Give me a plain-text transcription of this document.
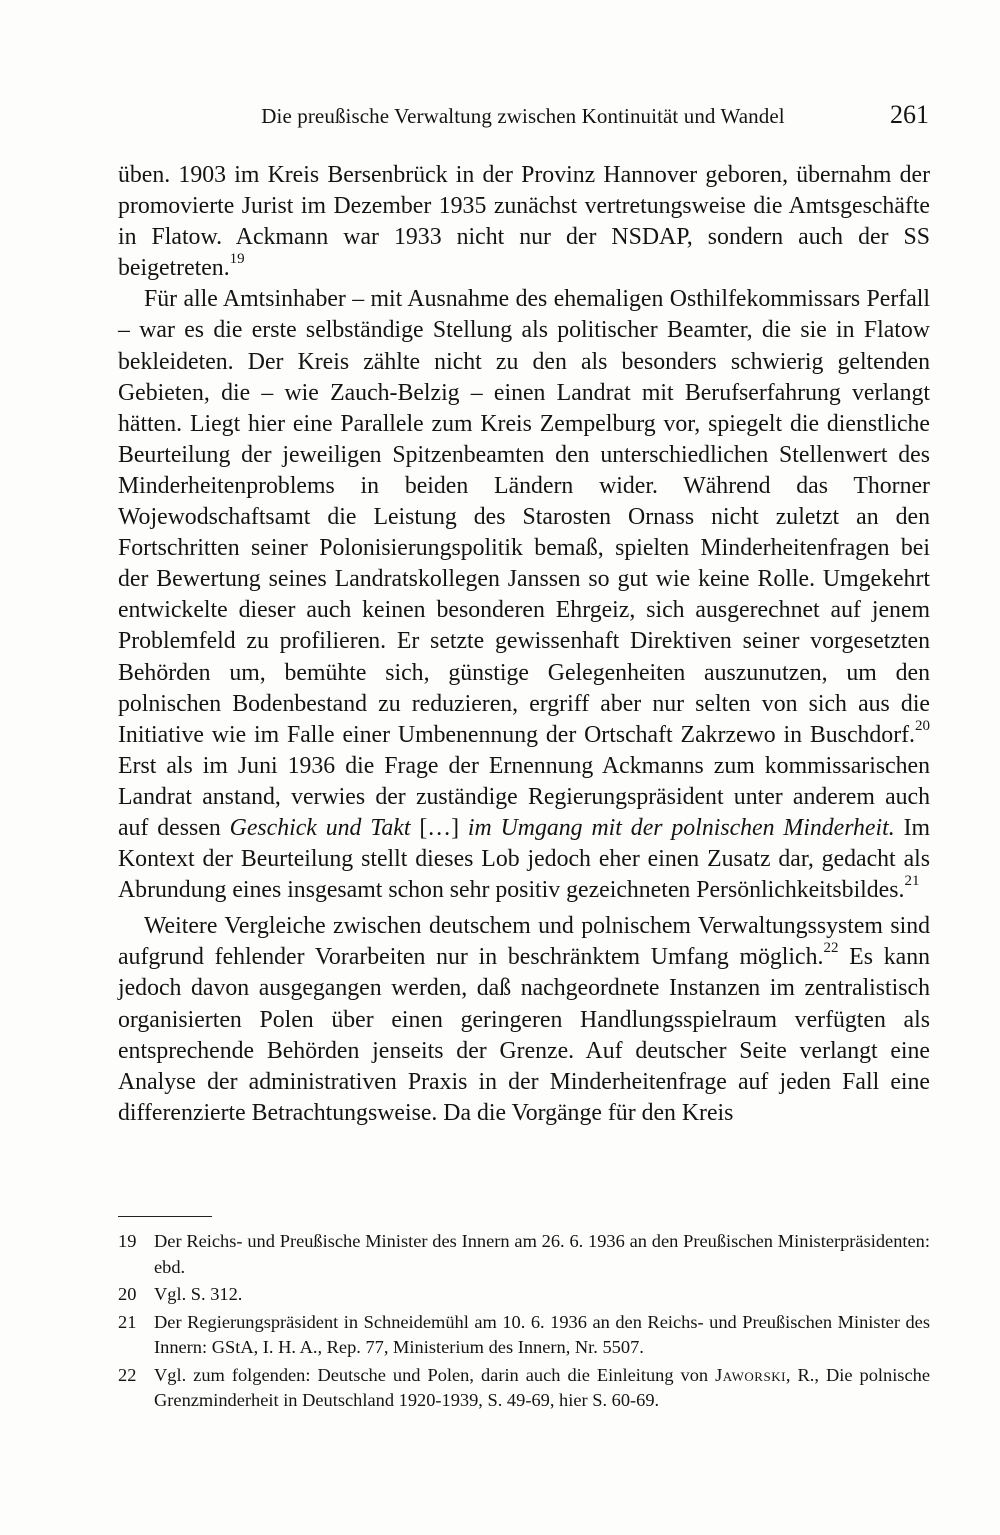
Die preußische Verwaltung zwischen Kontinuität und Wandel	261

üben. 1903 im Kreis Bersenbrück in der Provinz Hannover geboren, übernahm der promovierte Jurist im Dezember 1935 zunächst vertretungsweise die Amtsgeschäfte in Flatow. Ackmann war 1933 nicht nur der NSDAP, sondern auch der SS beigetreten.$^{19}$

Für alle Amtsinhaber – mit Ausnahme des ehemaligen Osthilfekommissars Perfall – war es die erste selbständige Stellung als politischer Beamter, die sie in Flatow bekleideten. Der Kreis zählte nicht zu den als besonders schwierig geltenden Gebieten, die – wie Zauch-Belzig – einen Landrat mit Berufserfahrung verlangt hätten. Liegt hier eine Parallele zum Kreis Zempelburg vor, spiegelt die dienstliche Beurteilung der jeweiligen Spitzenbeamten den unterschiedlichen Stellenwert des Minderheitenproblems in beiden Ländern wider. Während das Thorner Wojewodschaftsamt die Leistung des Starosten Ornass nicht zuletzt an den Fortschritten seiner Polonisierungspolitik bemaß, spielten Minderheitenfragen bei der Bewertung seines Landratskollegen Janssen so gut wie keine Rolle. Umgekehrt entwickelte dieser auch keinen besonderen Ehrgeiz, sich ausgerechnet auf jenem Problemfeld zu profilieren. Er setzte gewissenhaft Direktiven seiner vorgesetzten Behörden um, bemühte sich, günstige Gelegenheiten auszunutzen, um den polnischen Bodenbestand zu reduzieren, ergriff aber nur selten von sich aus die Initiative wie im Falle einer Umbenennung der Ortschaft Zakrzewo in Buschdorf.$^{20}$ Erst als im Juni 1936 die Frage der Ernennung Ackmanns zum kommissarischen Landrat anstand, verwies der zuständige Regierungspräsident unter anderem auch auf dessen Geschick und Takt […] im Umgang mit der polnischen Minderheit. Im Kontext der Beurteilung stellt dieses Lob jedoch eher einen Zusatz dar, gedacht als Abrundung eines insgesamt schon sehr positiv gezeichneten Persönlichkeitsbildes.$^{21}$

Weitere Vergleiche zwischen deutschem und polnischem Verwaltungssystem sind aufgrund fehlender Vorarbeiten nur in beschränktem Umfang möglich.$^{22}$ Es kann jedoch davon ausgegangen werden, daß nachgeordnete Instanzen im zentralistisch organisierten Polen über einen geringeren Handlungsspielraum verfügten als entsprechende Behörden jenseits der Grenze. Auf deutscher Seite verlangt eine Analyse der administrativen Praxis in der Minderheitenfrage auf jeden Fall eine differenzierte Betrachtungsweise. Da die Vorgänge für den Kreis

19 Der Reichs- und Preußische Minister des Innern am 26. 6. 1936 an den Preußischen Ministerpräsidenten: ebd.
20 Vgl. S. 312.
21 Der Regierungspräsident in Schneidemühl am 10. 6. 1936 an den Reichs- und Preußischen Minister des Innern: GStA, I. H. A., Rep. 77, Ministerium des Innern, Nr. 5507.
22 Vgl. zum folgenden: Deutsche und Polen, darin auch die Einleitung von Jaworski, R., Die polnische Grenzminderheit in Deutschland 1920-1939, S. 49-69, hier S. 60-69.
